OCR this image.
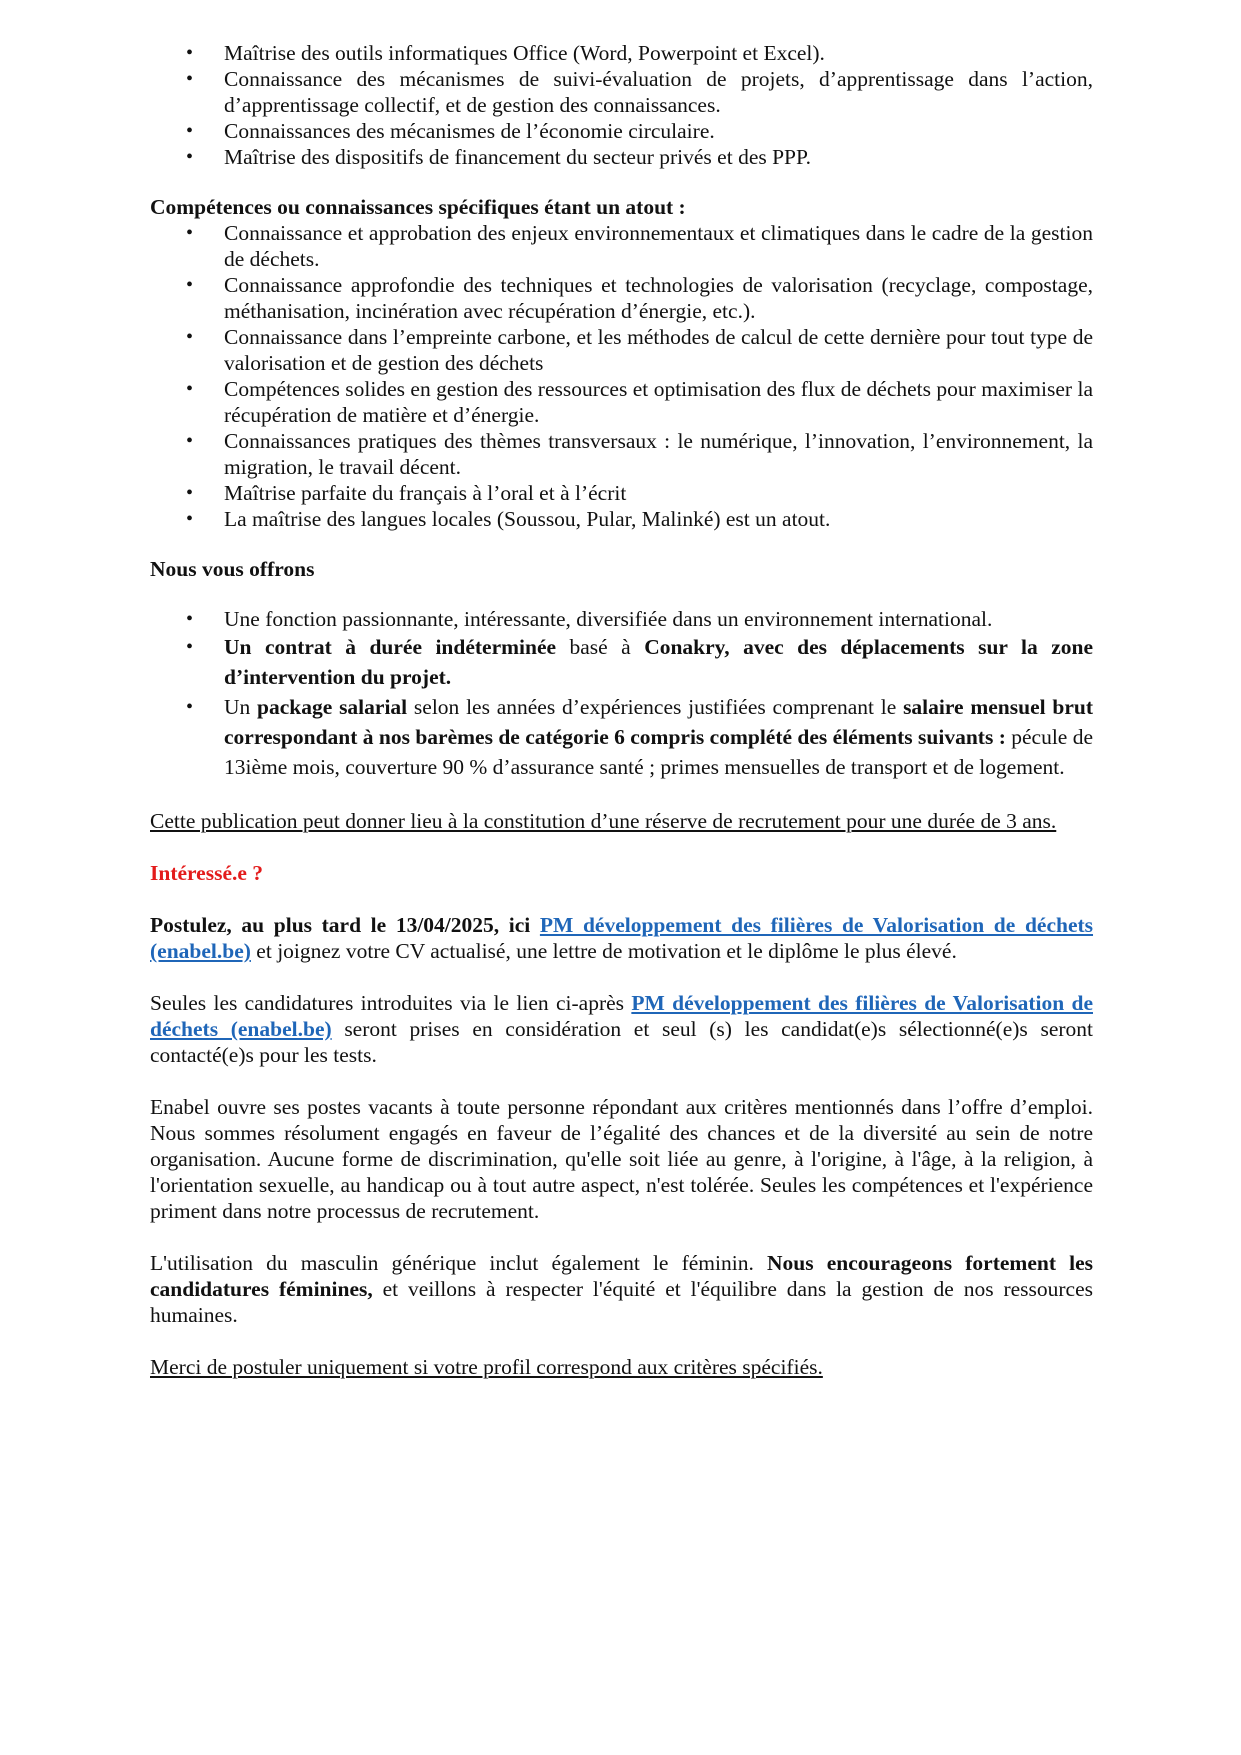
• Maîtrise des outils informatiques Office (Word, Powerpoint et Excel).
• Connaissance des mécanismes de suivi-évaluation de projets, d’apprentissage dans l’action, d’apprentissage collectif, et de gestion des connaissances.
• Connaissances des mécanismes de l’économie circulaire.
• Maîtrise des dispositifs de financement du secteur privés et des PPP.

Compétences ou connaissances spécifiques étant un atout :

• Connaissance et approbation des enjeux environnementaux et climatiques dans le cadre de la gestion de déchets.
• Connaissance approfondie des techniques et technologies de valorisation (recyclage, compostage, méthanisation, incinération avec récupération d’énergie, etc.).
• Connaissance dans l’empreinte carbone, et les méthodes de calcul de cette dernière pour tout type de valorisation et de gestion des déchets
• Compétences solides en gestion des ressources et optimisation des flux de déchets pour maximiser la récupération de matière et d’énergie.
• Connaissances pratiques des thèmes transversaux : le numérique, l’innovation, l’environnement, la migration, le travail décent.
• Maîtrise parfaite du français à l’oral et à l’écrit
• La maîtrise des langues locales (Soussou, Pular, Malinké) est un atout.

Nous vous offrons

• Une fonction passionnante, intéressante, diversifiée dans un environnement international.
• Un contrat à durée indéterminée basé à Conakry, avec des déplacements sur la zone d’intervention du projet.
• Un package salarial selon les années d’expériences justifiées comprenant le salaire mensuel brut correspondant à nos barèmes de catégorie 6 compris complété des éléments suivants : pécule de 13ième mois, couverture 90 % d’assurance santé ; primes mensuelles de transport et de logement.

Cette publication peut donner lieu à la constitution d’une réserve de recrutement pour une durée de 3 ans.

Intéressé.e ?

Postulez, au plus tard le 13/04/2025, ici PM développement des filières de Valorisation de déchets (enabel.be) et joignez votre CV actualisé, une lettre de motivation et le diplôme le plus élevé.

Seules les candidatures introduites via le lien ci-après PM développement des filières de Valorisation de déchets (enabel.be) seront prises en considération et seul (s) les candidat(e)s sélectionné(e)s seront contacté(e)s pour les tests.

Enabel ouvre ses postes vacants à toute personne répondant aux critères mentionnés dans l’offre d’emploi. Nous sommes résolument engagés en faveur de l’égalité des chances et de la diversité au sein de notre organisation. Aucune forme de discrimination, qu'elle soit liée au genre, à l'origine, à l'âge, à la religion, à l'orientation sexuelle, au handicap ou à tout autre aspect, n'est tolérée. Seules les compétences et l'expérience priment dans notre processus de recrutement.

L'utilisation du masculin générique inclut également le féminin. Nous encourageons fortement les candidatures féminines, et veillons à respecter l'équité et l'équilibre dans la gestion de nos ressources humaines.

Merci de postuler uniquement si votre profil correspond aux critères spécifiés.
